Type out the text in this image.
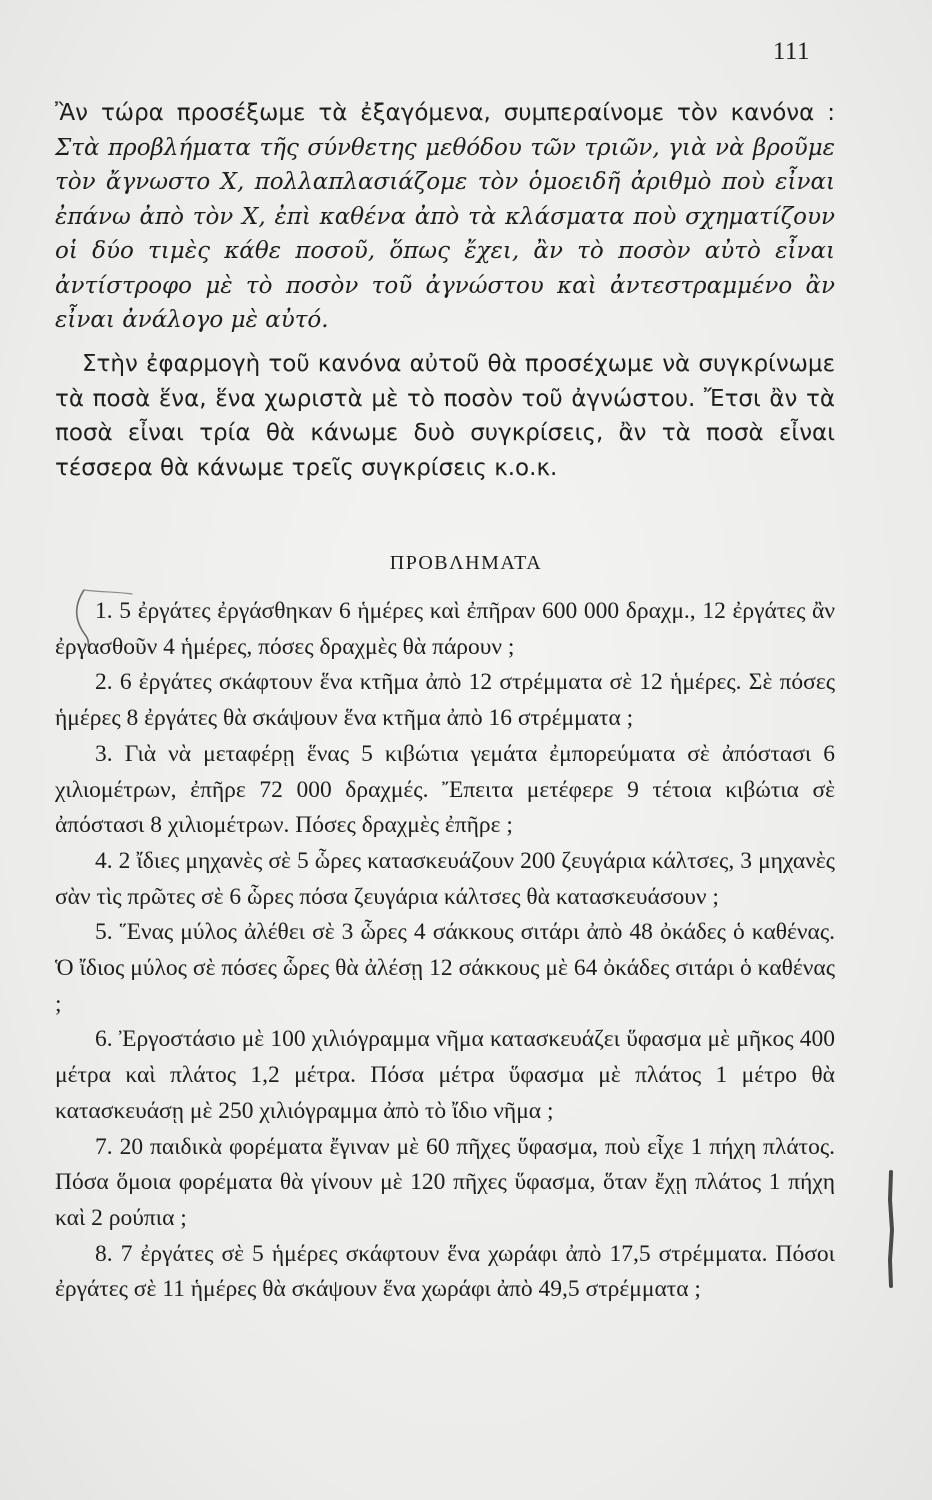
111
Ἂν τώρα προσέξωμε τὰ ἐξαγόμενα, συμπεραίνομε τὸν κανόνα : Στὰ προβλήματα τῆς σύνθετης μεθόδου τῶν τριῶν, γιὰ νὰ βροῦμε τὸν ἄγνωστο Χ, πολλαπλασιάζομε τὸν ὁμοειδῆ ἀριθμὸ ποὺ εἶναι ἐπάνω ἀπὸ τὸν Χ, ἐπὶ καθένα ἀπὸ τὰ κλάσματα ποὺ σχηματίζουν οἱ δύο τιμὲς κάθε ποσοῦ, ὅπως ἔχει, ἂν τὸ ποσὸν αὐτὸ εἶναι ἀντίστροφο μὲ τὸ ποσὸν τοῦ ἀγνώστου καὶ ἀντεστραμμένο ἂν εἶναι ἀνάλογο μὲ αὐτό.
Στὴν ἐφαρμογὴ τοῦ κανόνα αὐτοῦ θὰ προσέχωμε νὰ συγκρίνωμε τὰ ποσὰ ἕνα, ἕνα χωριστὰ μὲ τὸ ποσὸν τοῦ ἀγνώστου. Ἔτσι ἂν τὰ ποσὰ εἶναι τρία θὰ κάνωμε δυὸ συγκρίσεις, ἂν τὰ ποσὰ εἶναι τέσσερα θὰ κάνωμε τρεῖς συγκρίσεις κ.ο.κ.
ΠΡΟΒΛΗΜΑΤΑ

1. 5 ἐργάτες ἐργάσθηκαν 6 ἡμέρες καὶ ἐπῆραν 600 000 δραχμ., 12 ἐργάτες ἂν ἐργασθοῦν 4 ἡμέρες, πόσες δραχμὲς θὰ πάρουν ;

2. 6 ἐργάτες σκάφτουν ἕνα κτῆμα ἀπὸ 12 στρέμματα σὲ 12 ἡμέρες. Σὲ πόσες ἡμέρες 8 ἐργάτες θὰ σκάψουν ἕνα κτῆμα ἀπὸ 16 στρέμματα ;

3. Γιὰ νὰ μεταφέρῃ ἕνας 5 κιβώτια γεμάτα ἐμπορεύματα σὲ ἀπόστασι 6 χιλιομέτρων, ἐπῆρε 72 000 δραχμές. Ἔπειτα μετέφερε 9 τέτοια κιβώτια σὲ ἀπόστασι 8 χιλιομέτρων. Πόσες δραχμὲς ἐπῆρε ;

4. 2 ἴδιες μηχανὲς σὲ 5 ὧρες κατασκευάζουν 200 ζευγάρια κάλτσες, 3 μηχανὲς σὰν τὶς πρῶτες σὲ 6 ὧρες πόσα ζευγάρια κάλτσες θὰ κατασκευάσουν ;

5. Ἕνας μύλος ἀλέθει σὲ 3 ὧρες 4 σάκκους σιτάρι ἀπὸ 48 ὀκάδες ὁ καθένας. Ὁ ἴδιος μύλος σὲ πόσες ὧρες θὰ ἀλέσῃ 12 σάκκους μὲ 64 ὀκάδες σιτάρι ὁ καθένας ;

6. Ἐργοστάσιο μὲ 100 χιλιόγραμμα νῆμα κατασκευάζει ὕφασμα μὲ μῆκος 400 μέτρα καὶ πλάτος 1,2 μέτρα. Πόσα μέτρα ὕφασμα μὲ πλάτος 1 μέτρο θὰ κατασκευάσῃ μὲ 250 χιλιόγραμμα ἀπὸ τὸ ἴδιο νῆμα ;

7. 20 παιδικὰ φορέματα ἔγιναν μὲ 60 πῆχες ὕφασμα, ποὺ εἶχε 1 πήχη πλάτος. Πόσα ὅμοια φορέματα θὰ γίνουν μὲ 120 πῆχες ὕφασμα, ὅταν ἔχῃ πλάτος 1 πήχη καὶ 2 ρούπια ;

8. 7 ἐργάτες σὲ 5 ἡμέρες σκάφτουν ἕνα χωράφι ἀπὸ 17,5 στρέμματα. Πόσοι ἐργάτες σὲ 11 ἡμέρες θὰ σκάψουν ἕνα χωράφι ἀπὸ 49,5 στρέμματα ;
